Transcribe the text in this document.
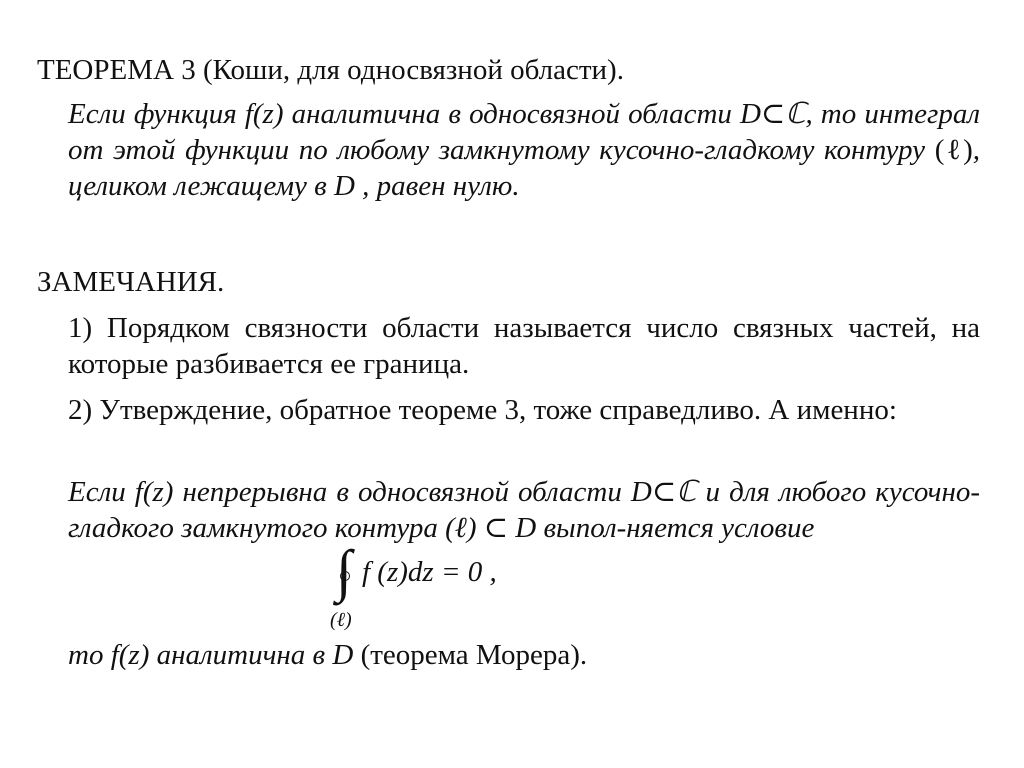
ТЕОРЕМА 3 (Коши, для односвязной области).
Если функция f(z) аналитична в односвязной области D⊂ℂ, то интеграл от этой функции по любому замкнутому кусочно-гладкому контуру (ℓ), целиком лежащему в D , равен нулю.
ЗАМЕЧАНИЯ.
1) Порядком связности области называется число связных частей, на которые разбивается ее граница.
2) Утверждение, обратное теореме 3, тоже справедливо. А именно:
Если f(z) непрерывна в односвязной области D⊂ℂ и для любого кусочно-гладкого замкнутого контура (ℓ) ⊂ D выпол-няется условие
∫ f (z)dz = 0 ,
(ℓ)
то f(z) аналитична в D (теорема Морера).
